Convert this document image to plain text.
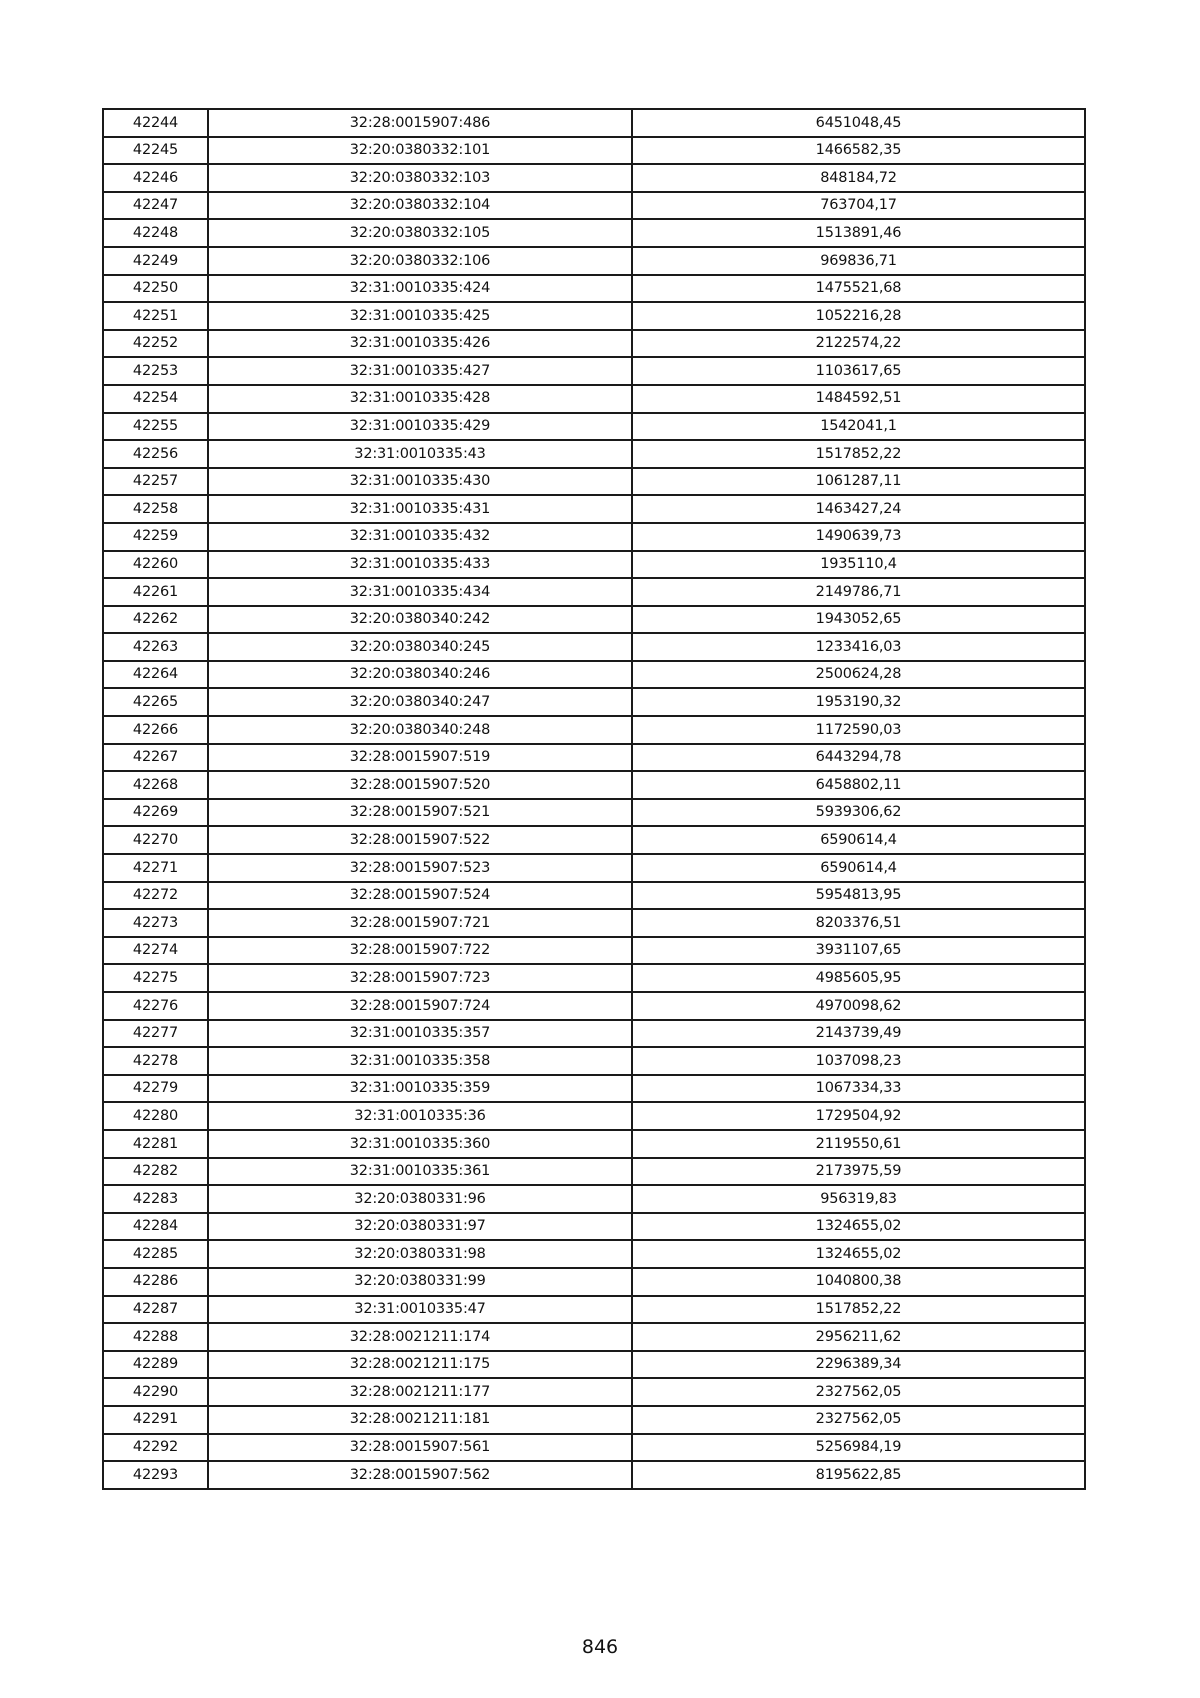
42244	32:28:0015907:486	6451048,45
42245	32:20:0380332:101	1466582,35
42246	32:20:0380332:103	848184,72
42247	32:20:0380332:104	763704,17
42248	32:20:0380332:105	1513891,46
42249	32:20:0380332:106	969836,71
42250	32:31:0010335:424	1475521,68
42251	32:31:0010335:425	1052216,28
42252	32:31:0010335:426	2122574,22
42253	32:31:0010335:427	1103617,65
42254	32:31:0010335:428	1484592,51
42255	32:31:0010335:429	1542041,1
42256	32:31:0010335:43	1517852,22
42257	32:31:0010335:430	1061287,11
42258	32:31:0010335:431	1463427,24
42259	32:31:0010335:432	1490639,73
42260	32:31:0010335:433	1935110,4
42261	32:31:0010335:434	2149786,71
42262	32:20:0380340:242	1943052,65
42263	32:20:0380340:245	1233416,03
42264	32:20:0380340:246	2500624,28
42265	32:20:0380340:247	1953190,32
42266	32:20:0380340:248	1172590,03
42267	32:28:0015907:519	6443294,78
42268	32:28:0015907:520	6458802,11
42269	32:28:0015907:521	5939306,62
42270	32:28:0015907:522	6590614,4
42271	32:28:0015907:523	6590614,4
42272	32:28:0015907:524	5954813,95
42273	32:28:0015907:721	8203376,51
42274	32:28:0015907:722	3931107,65
42275	32:28:0015907:723	4985605,95
42276	32:28:0015907:724	4970098,62
42277	32:31:0010335:357	2143739,49
42278	32:31:0010335:358	1037098,23
42279	32:31:0010335:359	1067334,33
42280	32:31:0010335:36	1729504,92
42281	32:31:0010335:360	2119550,61
42282	32:31:0010335:361	2173975,59
42283	32:20:0380331:96	956319,83
42284	32:20:0380331:97	1324655,02
42285	32:20:0380331:98	1324655,02
42286	32:20:0380331:99	1040800,38
42287	32:31:0010335:47	1517852,22
42288	32:28:0021211:174	2956211,62
42289	32:28:0021211:175	2296389,34
42290	32:28:0021211:177	2327562,05
42291	32:28:0021211:181	2327562,05
42292	32:28:0015907:561	5256984,19
42293	32:28:0015907:562	8195622,85
846
